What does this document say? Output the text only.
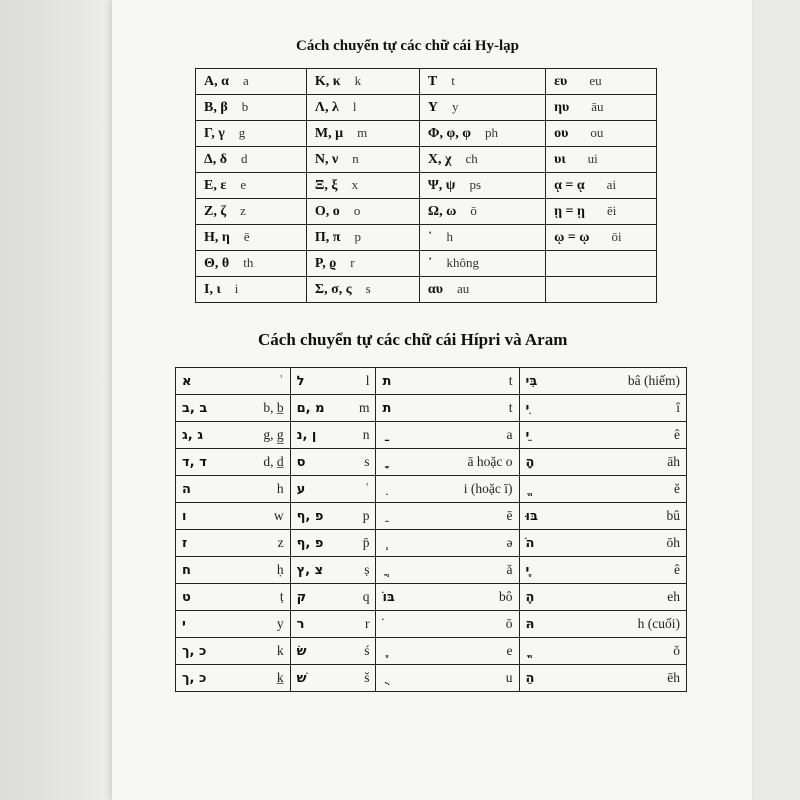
Cách chuyển tự các chữ cái Hy-lạp
Α, α a	Κ, κ k	Τ t	ευ eu
Β, β b	Λ, λ l	Υ y	ηυ āu
Γ, γ g	Μ, μ m	Φ, φ, φ ph	ου ou
Δ, δ d	Ν, ν n	Χ, χ ch	υι ui
Ε, ε e	Ξ, ξ x	Ψ, ψ ps	ᾳ = ᾳ ai
Ζ, ζ z	Ο, ο o	Ω, ω ō	ῃ = ῃ ēi
Η, η ē	Π, π p	῾ h	ῳ = ῳ ōi
Θ, θ th	Ρ, ϱ r	᾿ không	
Ι, ι i	Σ, σ, ς s	αυ au	
Cách chuyển tự các chữ cái Hípri và Aram
א ʾ	ל l	ת t	בִּי bâ (hiếm)

ב ,ב b, b̲	מ ,ם m	ת t	ִי î

ג ,ג g, g̲	ן ,נ n	a	ֵי ê

ד ,ד d, d̲	ס s	ā hoặc o	ָה āh

ה h	ע ʿ	i (hoặc ī)	ĕ

ו w	פ ,ף p	ē	בּוּ bû

ז z	פ ,ף p̄	ə	ֹה ōh

ח ḥ	צ ,ץ ṣ	ă	ֶי ê

ט ṭ	ק q	בּוֹ bô	ֶה eh

י y	ר r	ō	הּ h (cuối)

כ ,ך k	שׂ ś	e	ŏ

כ ,ך k̲	שׁ š	u	ֵה ēh
